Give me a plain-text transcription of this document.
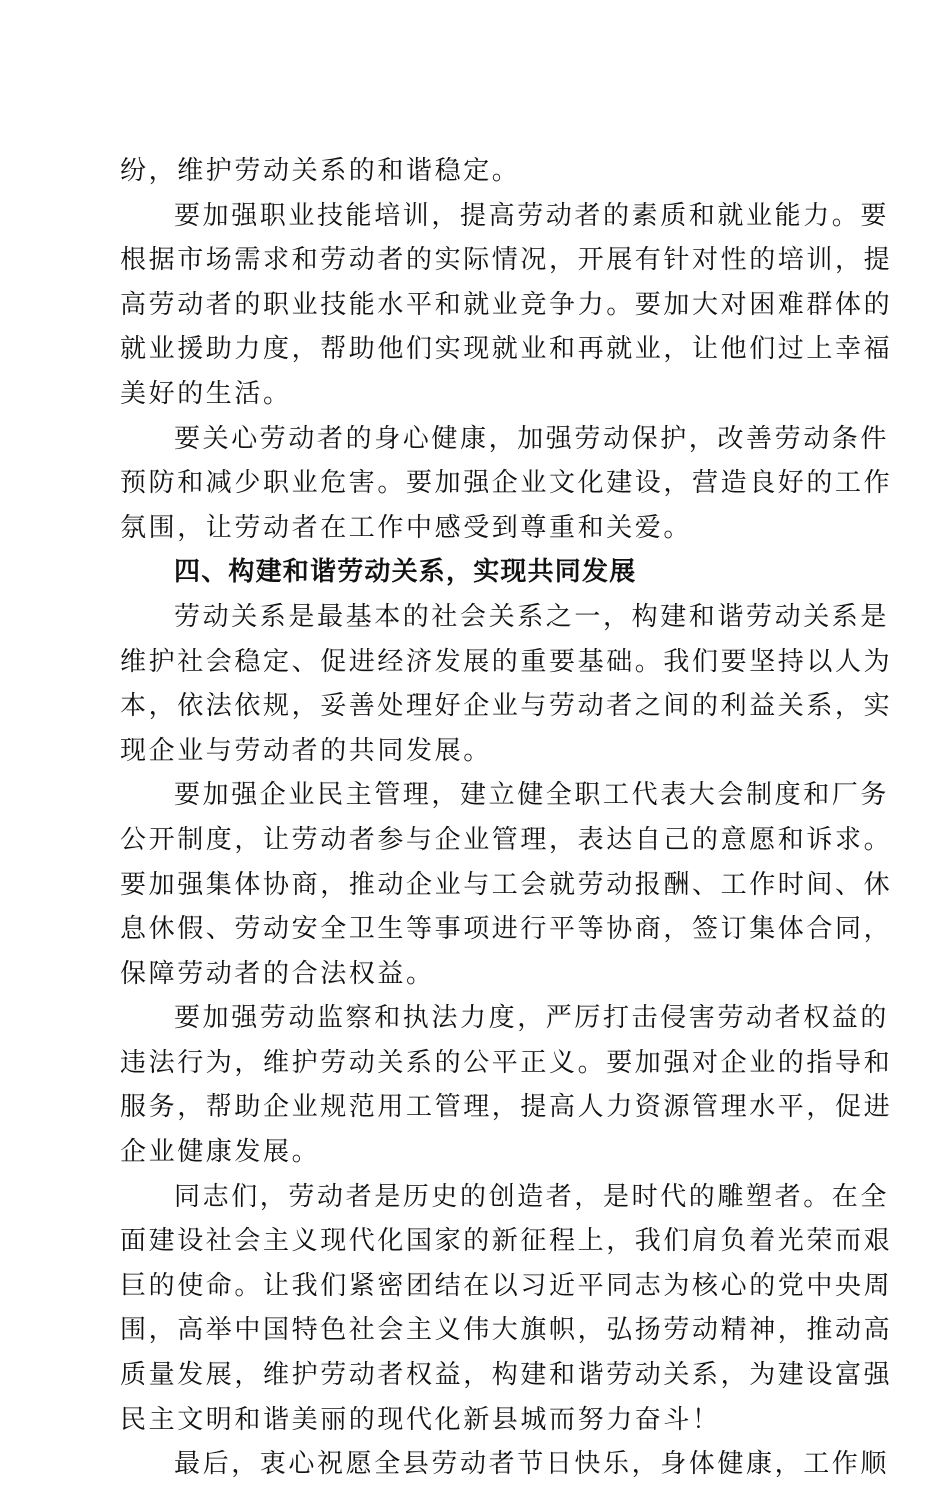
纷，维护劳动关系的和谐稳定。
要加强职业技能培训，提高劳动者的素质和就业能力。要
根据市场需求和劳动者的实际情况，开展有针对性的培训，提
高劳动者的职业技能水平和就业竞争力。要加大对困难群体的
就业援助力度，帮助他们实现就业和再就业，让他们过上幸福
美好的生活。
要关心劳动者的身心健康，加强劳动保护，改善劳动条件
预防和减少职业危害。要加强企业文化建设，营造良好的工作
氛围，让劳动者在工作中感受到尊重和关爱。
四、构建和谐劳动关系，实现共同发展
劳动关系是最基本的社会关系之一，构建和谐劳动关系是
维护社会稳定、促进经济发展的重要基础。我们要坚持以人为
本，依法依规，妥善处理好企业与劳动者之间的利益关系，实
现企业与劳动者的共同发展。
要加强企业民主管理，建立健全职工代表大会制度和厂务
公开制度，让劳动者参与企业管理，表达自己的意愿和诉求。
要加强集体协商，推动企业与工会就劳动报酬、工作时间、休
息休假、劳动安全卫生等事项进行平等协商，签订集体合同，
保障劳动者的合法权益。
要加强劳动监察和执法力度，严厉打击侵害劳动者权益的
违法行为，维护劳动关系的公平正义。要加强对企业的指导和
服务，帮助企业规范用工管理，提高人力资源管理水平，促进
企业健康发展。
同志们，劳动者是历史的创造者，是时代的雕塑者。在全
面建设社会主义现代化国家的新征程上，我们肩负着光荣而艰
巨的使命。让我们紧密团结在以习近平同志为核心的党中央周
围，高举中国特色社会主义伟大旗帜，弘扬劳动精神，推动高
质量发展，维护劳动者权益，构建和谐劳动关系，为建设富强
民主文明和谐美丽的现代化新县城而努力奋斗！
最后，衷心祝愿全县劳动者节日快乐，身体健康，工作顺
